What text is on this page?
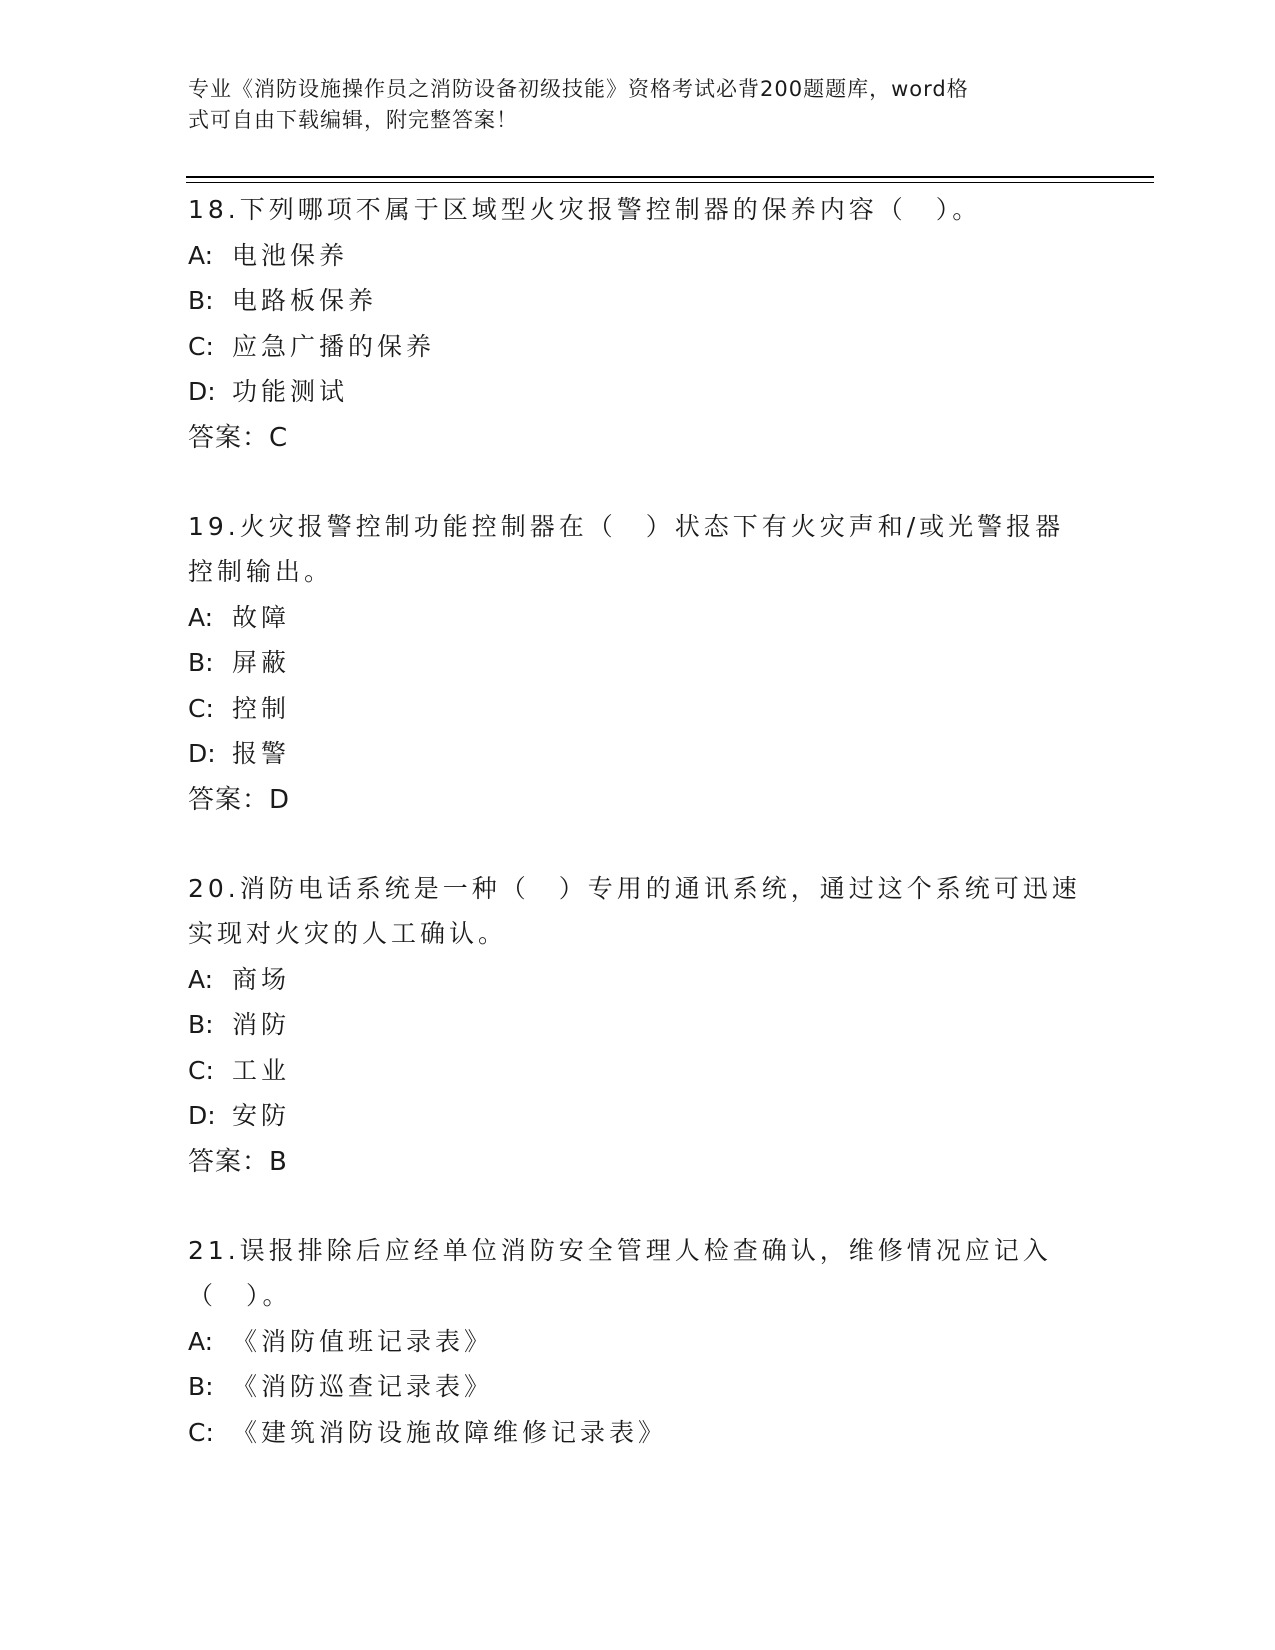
专业《消防设施操作员之消防设备初级技能》资格考试必背200题题库，word格
式可自由下载编辑，附完整答案！

18.下列哪项不属于区域型火灾报警控制器的保养内容（　）。

A: 电池保养

B: 电路板保养

C: 应急广播的保养

D: 功能测试

答案：C

19.火灾报警控制功能控制器在（　）状态下有火灾声和/或光警报器控制输出。

A: 故障

B: 屏蔽

C: 控制

D: 报警

答案：D

20.消防电话系统是一种（　）专用的通讯系统，通过这个系统可迅速实现对火灾的人工确认。

A: 商场

B: 消防

C: 工业

D: 安防

答案：B

21.误报排除后应经单位消防安全管理人检查确认，维修情况应记入（　）。

A: 《消防值班记录表》

B: 《消防巡查记录表》

C: 《建筑消防设施故障维修记录表》
